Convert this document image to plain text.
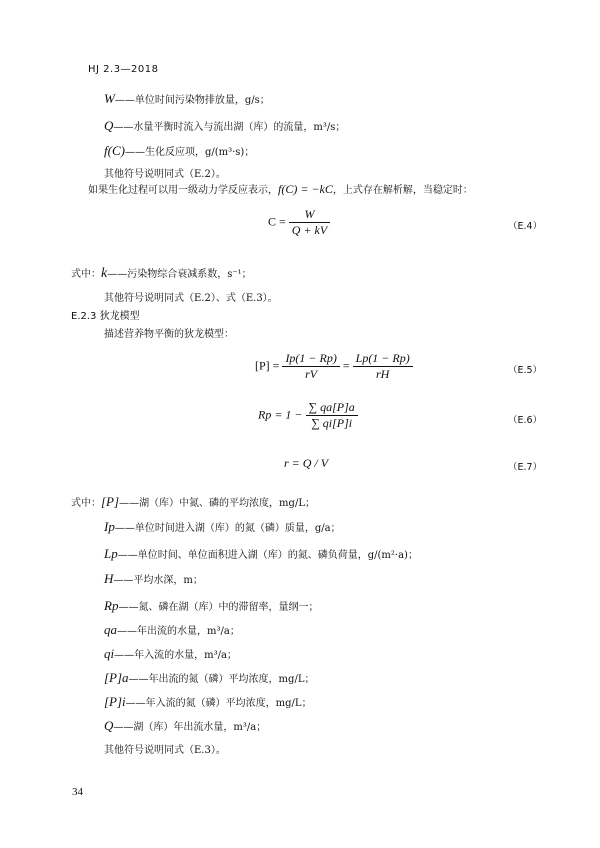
HJ 2.3—2018
W——单位时间污染物排放量，g/s；
Q——水量平衡时流入与流出湖（库）的流量，m³/s；
f(C)——生化反应项，g/(m³·s)；
其他符号说明同式（E.2）。
如果生化过程可以用一级动力学反应表示，f(C) = −kC，上式存在解析解，当稳定时：
$C = \frac{W}{Q + kV}$	（E.4）
式中：k——污染物综合衰减系数，s⁻¹；
其他符号说明同式（E.2）、式（E.3）。
E.2.3 狄龙模型
描述营养物平衡的狄龙模型：
$[P] = \frac{Ip(1 - Rp)}{rV} = \frac{Lp(1 - Rp)}{rH}$	（E.5）
$Rp = 1 - \frac{\sum qa[P]a}{\sum qi[P]i}$	（E.6）
r = Q / V	（E.7）
式中：[P]——湖（库）中氮、磷的平均浓度，mg/L；
Ip——单位时间进入湖（库）的氮（磷）质量，g/a；
Lp——单位时间、单位面积进入湖（库）的氮、磷负荷量，g/(m²·a)；
H——平均水深，m；
Rp——氮、磷在湖（库）中的滞留率，量纲一；
qa——年出流的水量，m³/a；
qi——年入流的水量，m³/a；
[P]a——年出流的氮（磷）平均浓度，mg/L；
[P]i——年入流的氮（磷）平均浓度，mg/L；
Q——湖（库）年出流水量，m³/a；
其他符号说明同式（E.3）。
34
